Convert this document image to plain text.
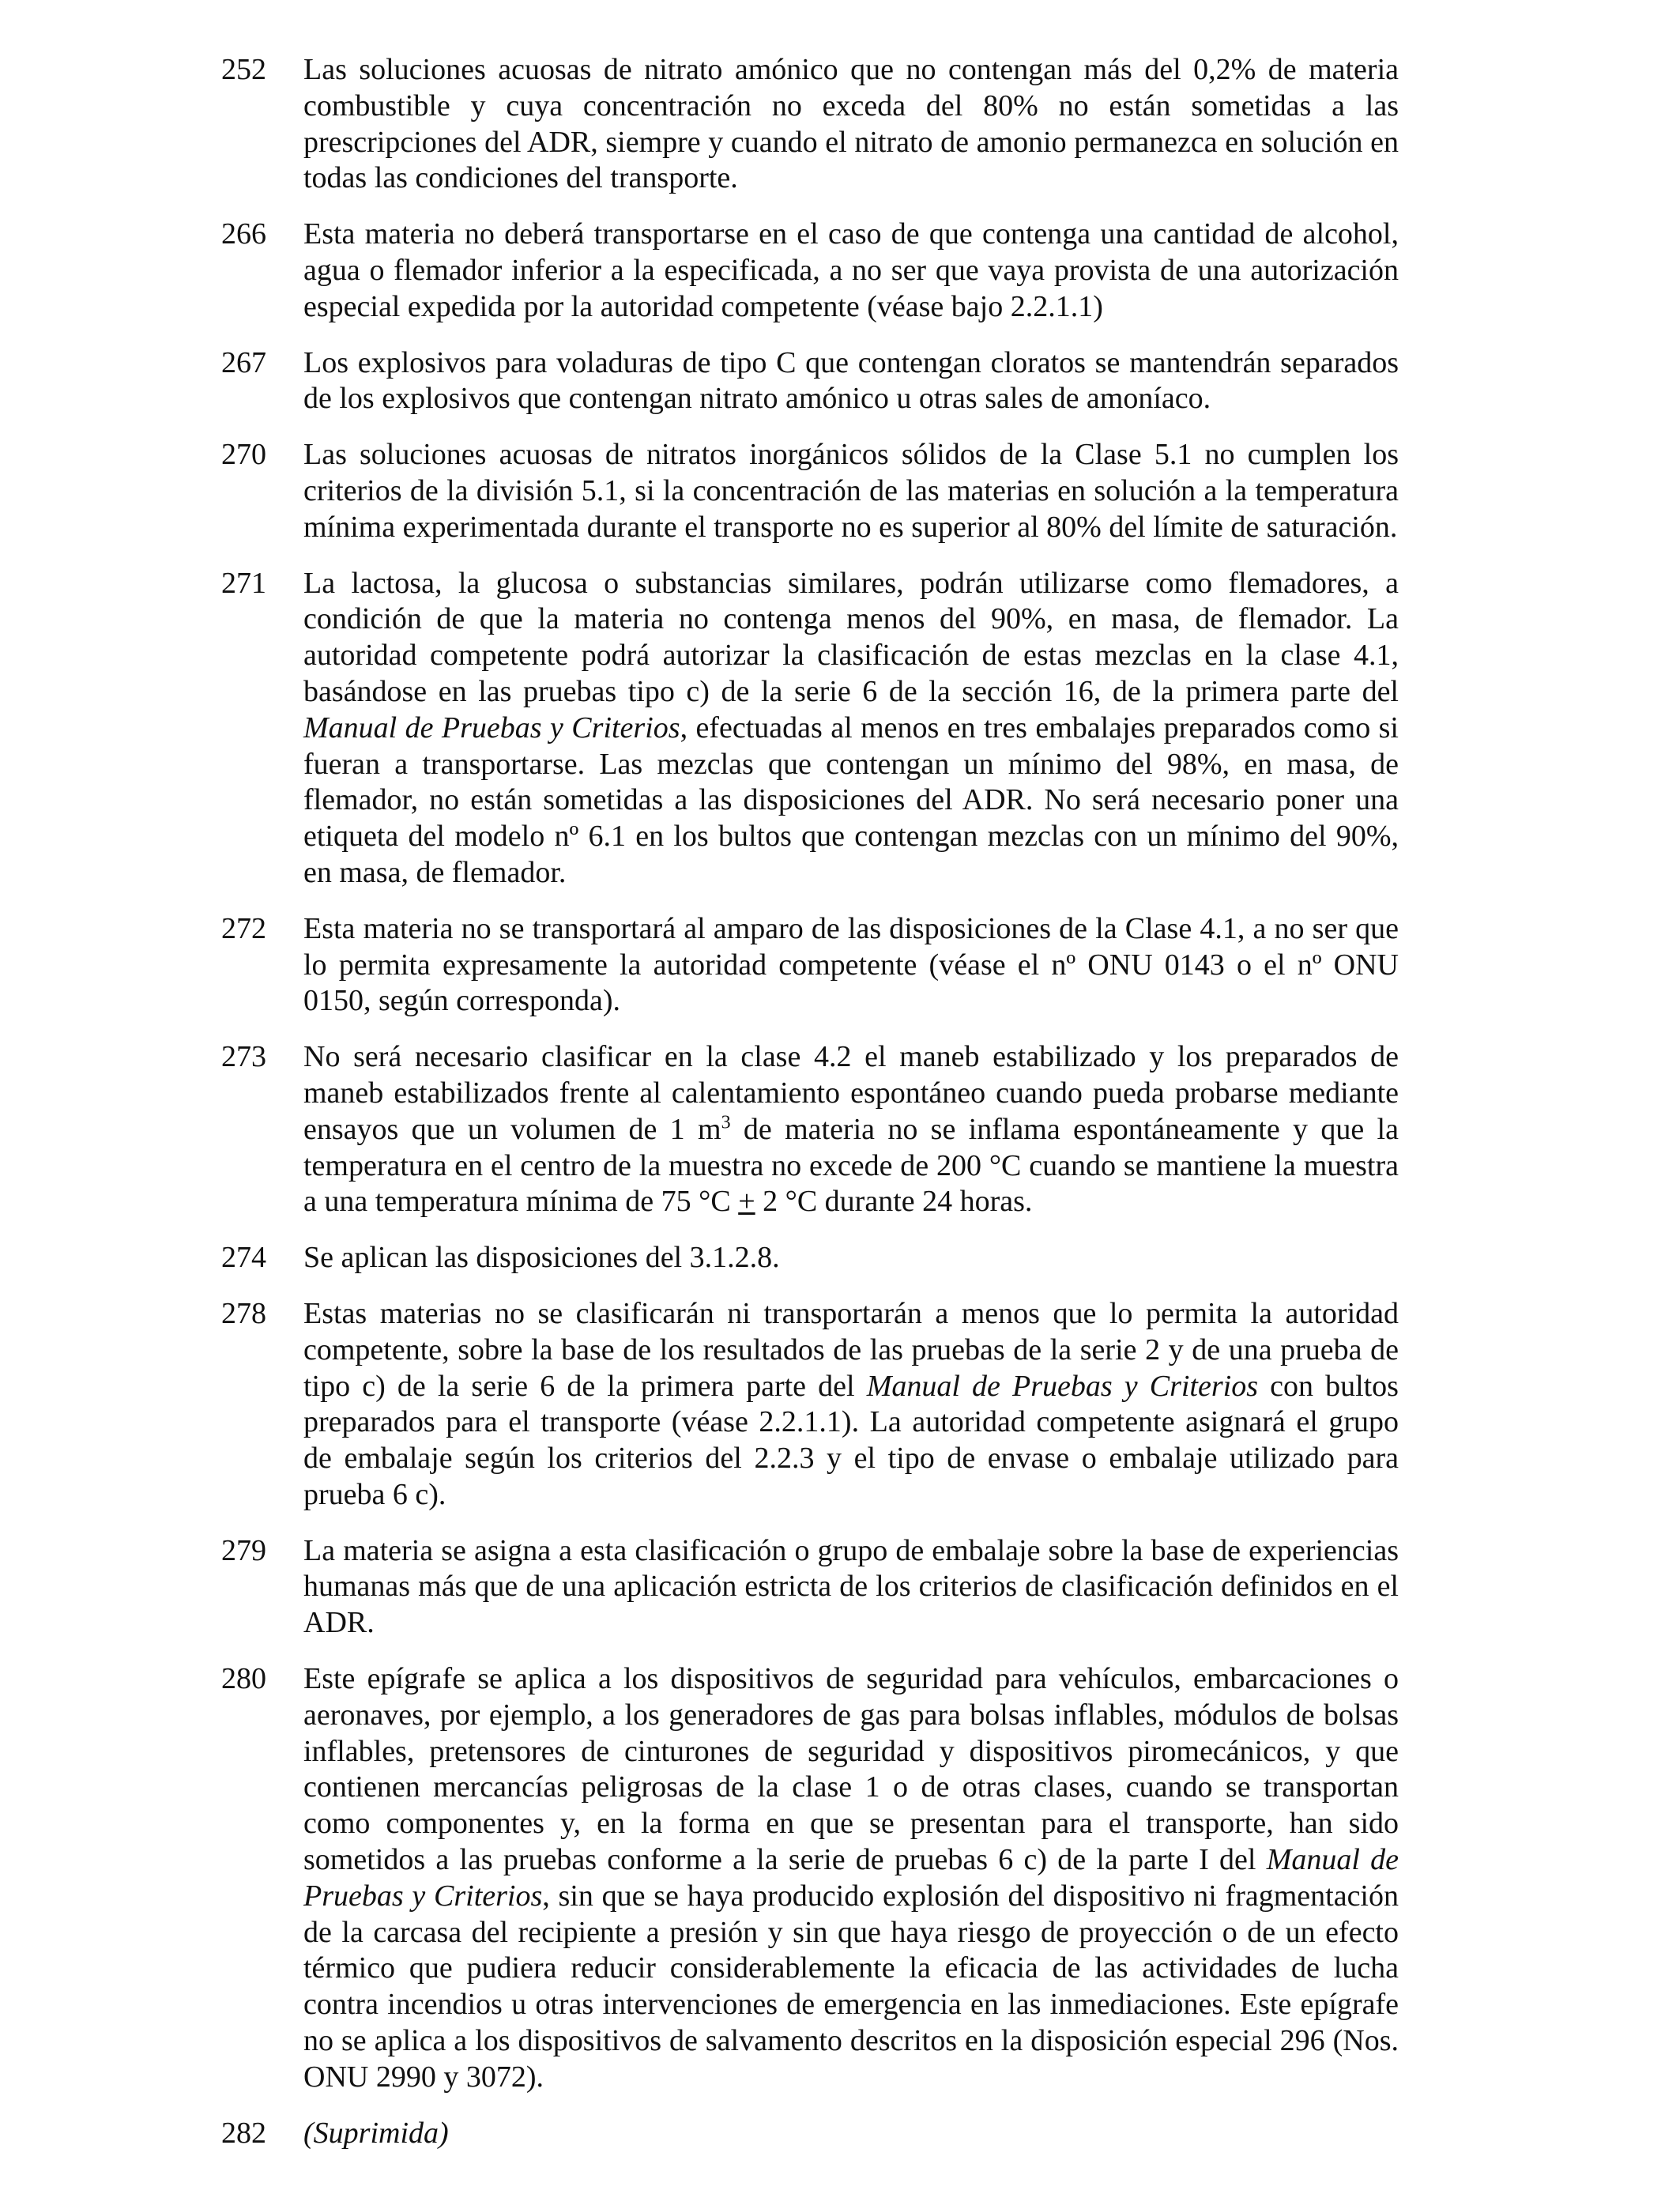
252	Las soluciones acuosas de nitrato amónico que no contengan más del 0,2% de materia combustible y cuya concentración no exceda del 80% no están sometidas a las prescripciones del ADR, siempre y cuando el nitrato de amonio permanezca en solución en todas las condiciones del transporte.
266	Esta materia no deberá transportarse en el caso de que contenga una cantidad de alcohol, agua o flemador inferior a la especificada, a no ser que vaya provista de una autorización especial expedida por la autoridad competente (véase bajo 2.2.1.1)
267	Los explosivos para voladuras de tipo C que contengan cloratos se mantendrán separados de los explosivos que contengan nitrato amónico u otras sales de amoníaco.
270	Las soluciones acuosas de nitratos inorgánicos sólidos de la Clase 5.1 no cumplen los criterios de la división 5.1, si la concentración de las materias en solución a la temperatura mínima experimentada durante el transporte no es superior al 80% del límite de saturación.
271	La lactosa, la glucosa o substancias similares, podrán utilizarse como flemadores, a condición de que la materia no contenga menos del 90%, en masa, de flemador. La autoridad competente podrá autorizar la clasificación de estas mezclas en la clase 4.1, basándose en las pruebas tipo c) de la serie 6 de la sección 16, de la primera parte del Manual de Pruebas y Criterios, efectuadas al menos en tres embalajes preparados como si fueran a transportarse. Las mezclas que contengan un mínimo del 98%, en masa, de flemador, no están sometidas a las disposiciones del ADR. No será necesario poner una etiqueta del modelo nº 6.1 en los bultos que contengan mezclas con un mínimo del 90%, en masa, de flemador.
272	Esta materia no se transportará al amparo de las disposiciones de la Clase 4.1, a no ser que lo permita expresamente la autoridad competente (véase el nº ONU 0143 o el nº ONU 0150, según corresponda).
273	No será necesario clasificar en la clase 4.2 el maneb estabilizado y los preparados de maneb estabilizados frente al calentamiento espontáneo cuando pueda probarse mediante ensayos que un volumen de 1 $m^3$ de materia no se inflama espontáneamente y que la temperatura en el centro de la muestra no excede de 200 °C cuando se mantiene la muestra a una temperatura mínima de 75 °C + 2 °C durante 24 horas.
274	Se aplican las disposiciones del 3.1.2.8.
278	Estas materias no se clasificarán ni transportarán a menos que lo permita la autoridad competente, sobre la base de los resultados de las pruebas de la serie 2 y de una prueba de tipo c) de la serie 6 de la primera parte del Manual de Pruebas y Criterios con bultos preparados para el transporte (véase 2.2.1.1). La autoridad competente asignará el grupo de embalaje según los criterios del 2.2.3 y el tipo de envase o embalaje utilizado para prueba 6 c).
279	La materia se asigna a esta clasificación o grupo de embalaje sobre la base de experiencias humanas más que de una aplicación estricta de los criterios de clasificación definidos en el ADR.
280	Este epígrafe se aplica a los dispositivos de seguridad para vehículos, embarcaciones o aeronaves, por ejemplo, a los generadores de gas para bolsas inflables, módulos de bolsas inflables, pretensores de cinturones de seguridad y dispositivos piromecánicos, y que contienen mercancías peligrosas de la clase 1 o de otras clases, cuando se transportan como componentes y, en la forma en que se presentan para el transporte, han sido sometidos a las pruebas conforme a la serie de pruebas 6 c) de la parte I del Manual de Pruebas y Criterios, sin que se haya producido explosión del dispositivo ni fragmentación de la carcasa del recipiente a presión y sin que haya riesgo de proyección o de un efecto térmico que pudiera reducir considerablemente la eficacia de las actividades de lucha contra incendios u otras intervenciones de emergencia en las inmediaciones. Este epígrafe no se aplica a los dispositivos de salvamento descritos en la disposición especial 296 (Nos. ONU 2990 y 3072).
282	(Suprimida)
